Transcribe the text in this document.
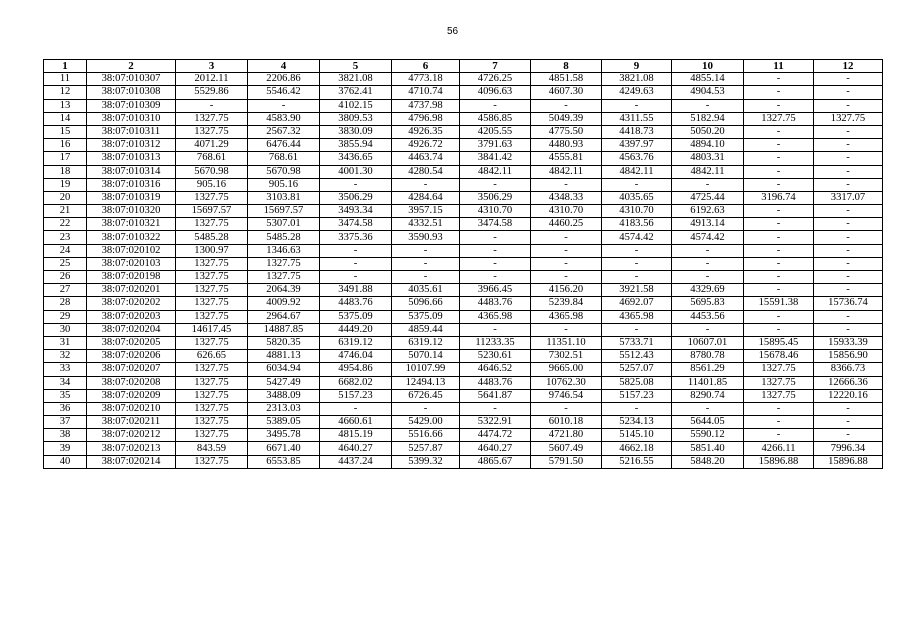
56
1	2	3	4	5	6	7	8	9	10	11	12
11	38:07:010307	2012.11	2206.86	3821.08	4773.18	4726.25	4851.58	3821.08	4855.14	-	-
12	38:07:010308	5529.86	5546.42	3762.41	4710.74	4096.63	4607.30	4249.63	4904.53	-	-
13	38:07:010309	-	-	4102.15	4737.98	-	-	-	-	-	-
14	38:07:010310	1327.75	4583.90	3809.53	4796.98	4586.85	5049.39	4311.55	5182.94	1327.75	1327.75
15	38:07:010311	1327.75	2567.32	3830.09	4926.35	4205.55	4775.50	4418.73	5050.20	-	-
16	38:07:010312	4071.29	6476.44	3855.94	4926.72	3791.63	4480.93	4397.97	4894.10	-	-
17	38:07:010313	768.61	768.61	3436.65	4463.74	3841.42	4555.81	4563.76	4803.31	-	-
18	38:07:010314	5670.98	5670.98	4001.30	4280.54	4842.11	4842.11	4842.11	4842.11	-	-
19	38:07:010316	905.16	905.16	-	-	-	-	-	-	-	-
20	38:07:010319	1327.75	3103.81	3506.29	4284.64	3506.29	4348.33	4035.65	4725.44	3196.74	3317.07
21	38:07:010320	15697.57	15697.57	3493.34	3957.15	4310.70	4310.70	4310.70	6192.63	-	-
22	38:07:010321	1327.75	5307.01	3474.58	4332.51	3474.58	4460.25	4183.56	4913.14	-	-
23	38:07:010322	5485.28	5485.28	3375.36	3590.93	-	-	4574.42	4574.42	-	-
24	38:07:020102	1300.97	1346.63	-	-	-	-	-	-	-	-
25	38:07:020103	1327.75	1327.75	-	-	-	-	-	-	-	-
26	38:07:020198	1327.75	1327.75	-	-	-	-	-	-	-	-
27	38:07:020201	1327.75	2064.39	3491.88	4035.61	3966.45	4156.20	3921.58	4329.69	-	-
28	38:07:020202	1327.75	4009.92	4483.76	5096.66	4483.76	5239.84	4692.07	5695.83	15591.38	15736.74
29	38:07:020203	1327.75	2964.67	5375.09	5375.09	4365.98	4365.98	4365.98	4453.56	-	-
30	38:07:020204	14617.45	14887.85	4449.20	4859.44	-	-	-	-	-	-
31	38:07:020205	1327.75	5820.35	6319.12	6319.12	11233.35	11351.10	5733.71	10607.01	15895.45	15933.39
32	38:07:020206	626.65	4881.13	4746.04	5070.14	5230.61	7302.51	5512.43	8780.78	15678.46	15856.90
33	38:07:020207	1327.75	6034.94	4954.86	10107.99	4646.52	9665.00	5257.07	8561.29	1327.75	8366.73
34	38:07:020208	1327.75	5427.49	6682.02	12494.13	4483.76	10762.30	5825.08	11401.85	1327.75	12666.36
35	38:07:020209	1327.75	3488.09	5157.23	6726.45	5641.87	9746.54	5157.23	8290.74	1327.75	12220.16
36	38:07:020210	1327.75	2313.03	-	-	-	-	-	-	-	-
37	38:07:020211	1327.75	5389.05	4660.61	5429.00	5322.91	6010.18	5234.13	5644.05	-	-
38	38:07:020212	1327.75	3495.78	4815.19	5516.66	4474.72	4721.80	5145.10	5590.12	-	-
39	38:07:020213	843.59	6671.40	4640.27	5257.87	4640.27	5607.49	4662.18	5851.40	4266.11	7996.34
40	38:07:020214	1327.75	6553.85	4437.24	5399.32	4865.67	5791.50	5216.55	5848.20	15896.88	15896.88
